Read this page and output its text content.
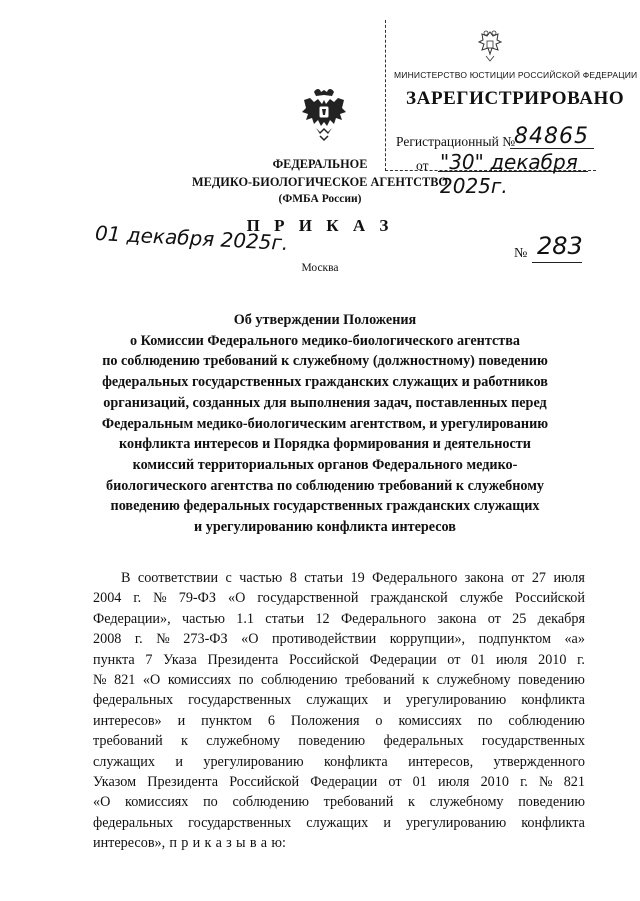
МИНИСТЕРСТВО ЮСТИЦИИ РОССИЙСКОЙ ФЕДЕРАЦИИ
ЗАРЕГИСТРИРОВАНО
Регистрационный №
84865
от "30" декабря 2025г.
ФЕДЕРАЛЬНОЕ
МЕДИКО-БИОЛОГИЧЕСКОЕ АГЕНТСТВО
(ФМБА России)
П Р И К А З
01 декабря 2025г.	№ 283
Москва
Об утверждении Положения
о Комиссии Федерального медико-биологического агентства
по соблюдению требований к служебному (должностному) поведению
федеральных государственных гражданских служащих и работников
организаций, созданных для выполнения задач, поставленных перед
Федеральным медико-биологическим агентством, и урегулированию
конфликта интересов и Порядка формирования и деятельности
комиссий территориальных органов Федерального медико-
биологического агентства по соблюдению требований к служебному
поведению федеральных государственных гражданских служащих
и урегулированию конфликта интересов
В соответствии с частью 8 статьи 19 Федерального закона от 27 июля
2004 г. № 79-ФЗ «О государственной гражданской службе Российской
Федерации», частью 1.1 статьи 12 Федерального закона от 25 декабря
2008 г. № 273-ФЗ «О противодействии коррупции», подпунктом «а»
пункта 7 Указа Президента Российской Федерации от 01 июля 2010 г.
№ 821 «О комиссиях по соблюдению требований к служебному поведению
федеральных государственных служащих и урегулированию конфликта
интересов» и пунктом 6 Положения о комиссиях по соблюдению
требований к служебному поведению федеральных государственных
служащих и урегулированию конфликта интересов, утвержденного
Указом Президента Российской Федерации от 01 июля 2010 г. № 821
«О комиссиях по соблюдению требований к служебному поведению
федеральных государственных служащих и урегулированию конфликта
интересов», п р и к а з ы в а ю:
